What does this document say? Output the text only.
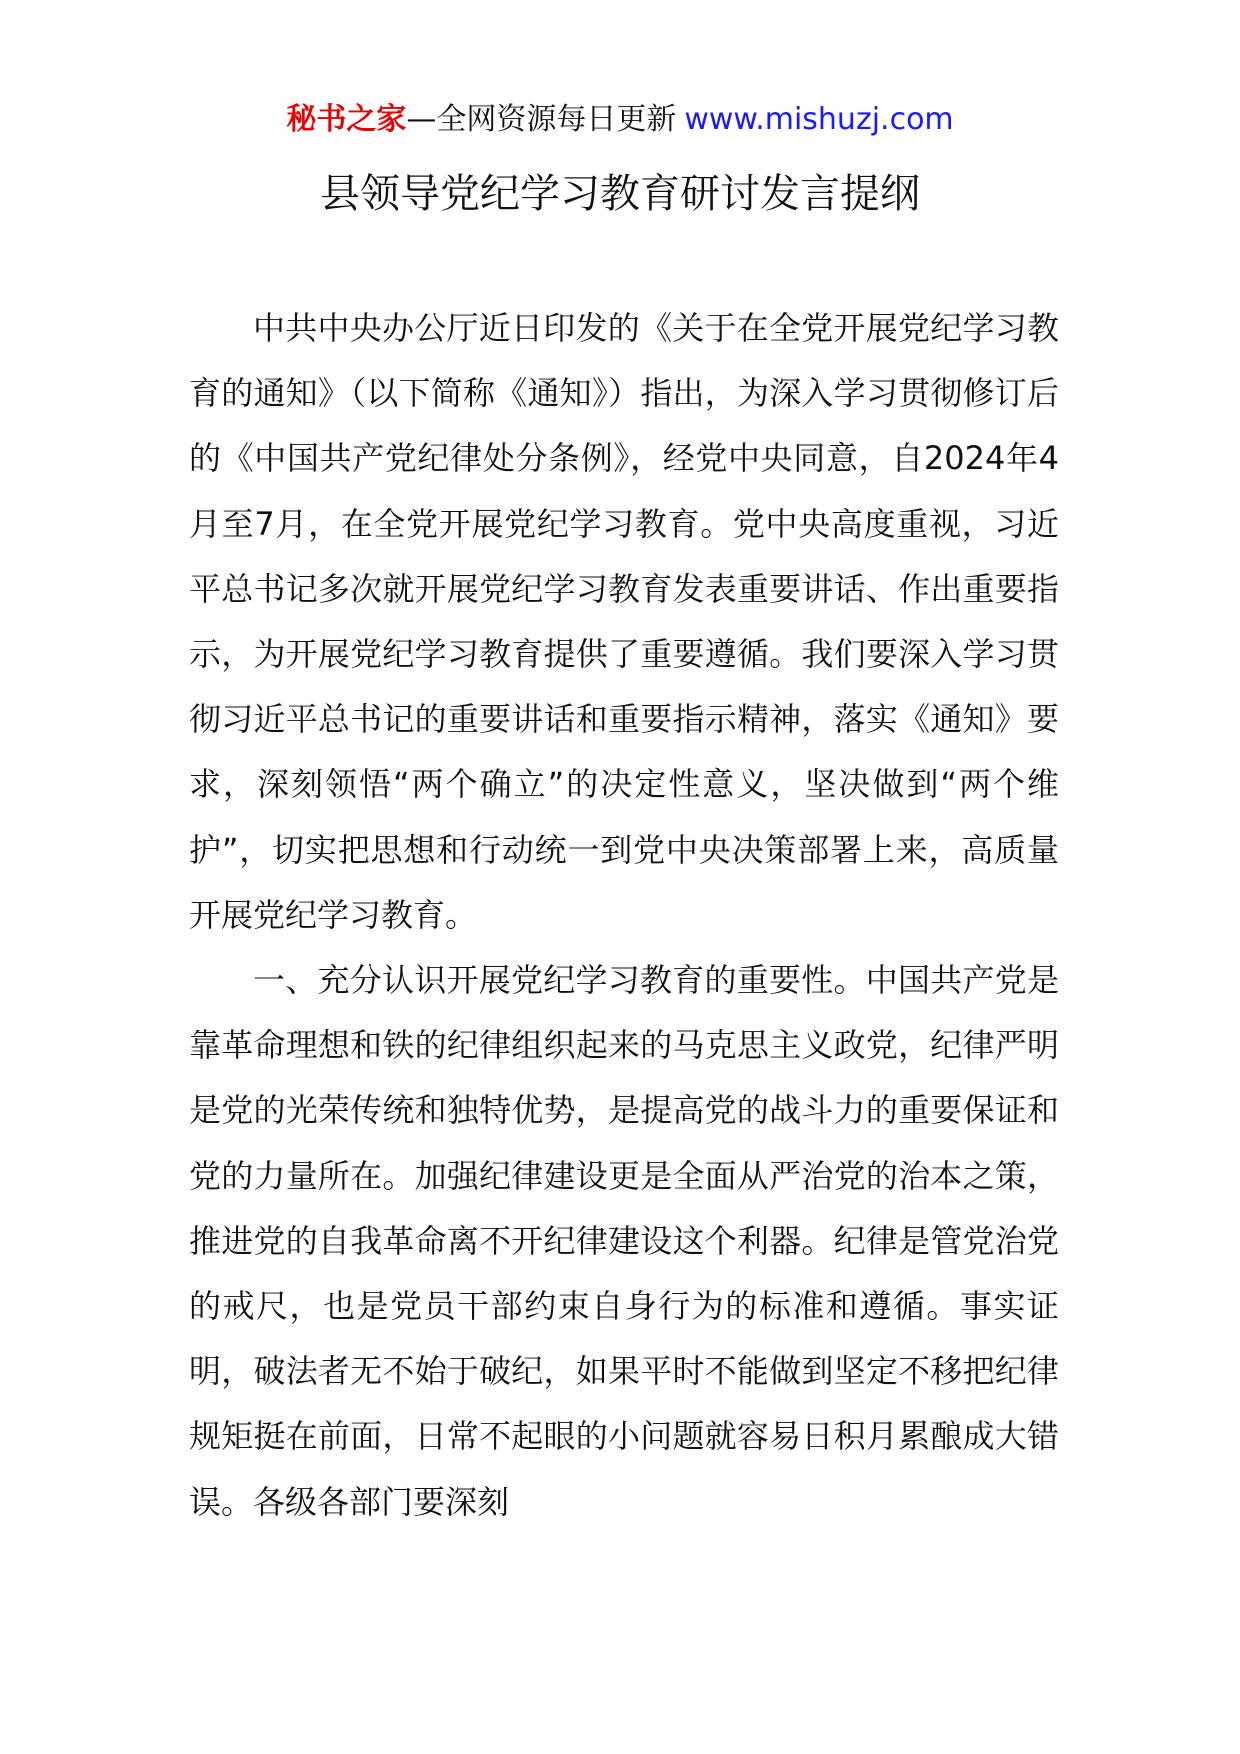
秘书之家—全网资源每日更新 www.mishuzj.com
县领导党纪学习教育研讨发言提纲

中共中央办公厅近日印发的《关于在全党开展党纪学习教育的通知》（以下简称《通知》）指出，为深入学习贯彻修订后的《中国共产党纪律处分条例》，经党中央同意，自2024年4月至7月，在全党开展党纪学习教育。党中央高度重视，习近平总书记多次就开展党纪学习教育发表重要讲话、作出重要指示，为开展党纪学习教育提供了重要遵循。我们要深入学习贯彻习近平总书记的重要讲话和重要指示精神，落实《通知》要求，深刻领悟“两个确立”的决定性意义，坚决做到“两个维护”，切实把思想和行动统一到党中央决策部署上来，高质量开展党纪学习教育。

一、充分认识开展党纪学习教育的重要性。中国共产党是靠革命理想和铁的纪律组织起来的马克思主义政党，纪律严明是党的光荣传统和独特优势，是提高党的战斗力的重要保证和党的力量所在。加强纪律建设更是全面从严治党的治本之策，推进党的自我革命离不开纪律建设这个利器。纪律是管党治党的戒尺，也是党员干部约束自身行为的标准和遵循。事实证明，破法者无不始于破纪，如果平时不能做到坚定不移把纪律规矩挺在前面，日常不起眼的小问题就容易日积月累酿成大错误。各级各部门要深刻
